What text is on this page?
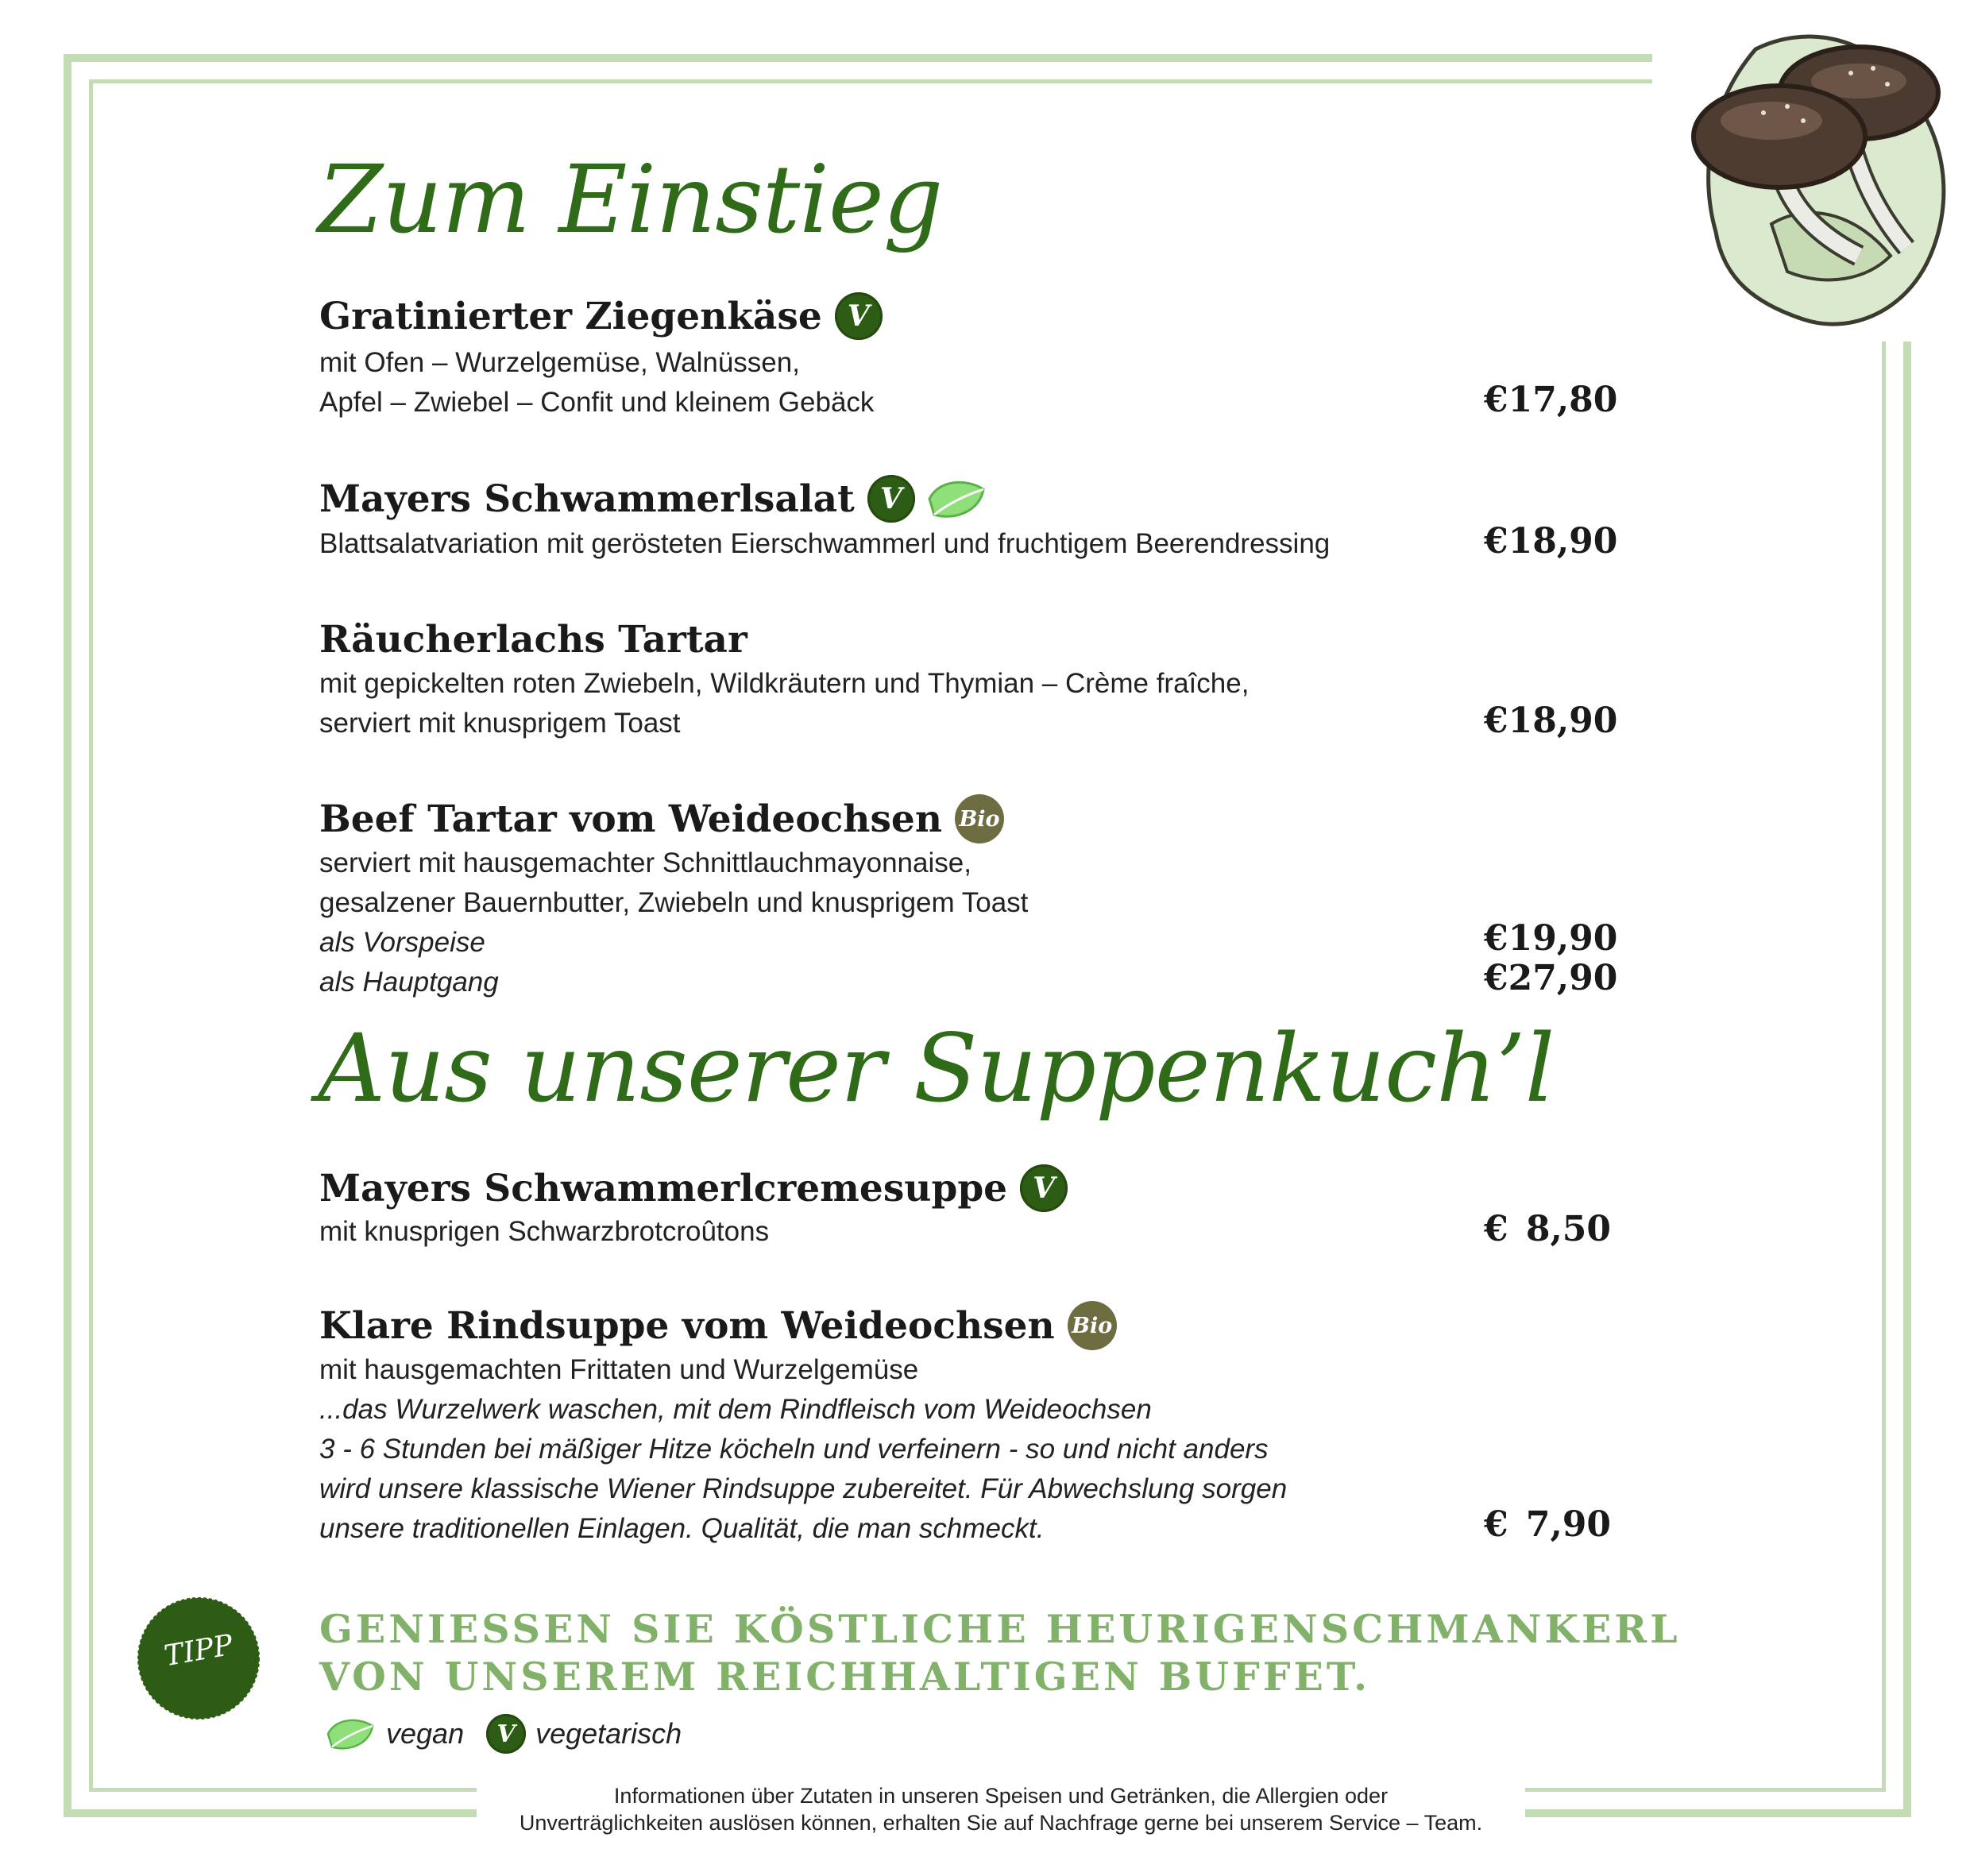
Zum Einstieg
Gratinierter Ziegenkäse V

mit Ofen – Wurzelgemüse, Walnüssen,

Apfel – Zwiebel – Confit und kleinem Gebäck	€ 17,80
Mayers Schwammerlsalat V

Blattsalatvariation mit gerösteten Eierschwammerl und fruchtigem Beerendressing	€ 18,90
Räucherlachs Tartar

mit gepickelten roten Zwiebeln, Wildkräutern und Thymian – Crème fraîche,

serviert mit knusprigem Toast	€ 18,90
Beef Tartar vom Weideochsen Bio

serviert mit hausgemachter Schnittlauchmayonnaise,

gesalzener Bauernbutter, Zwiebeln und knusprigem Toast

als Vorspeise

als Hauptgang

€ 19,90
€ 27,90
Aus unserer Suppenkuch’l
Mayers Schwammerlcremesuppe V

mit knusprigen Schwarzbrotcroûtons	€ 8,50
Klare Rindsuppe vom Weideochsen Bio

mit hausgemachten Frittaten und Wurzelgemüse

...das Wurzelwerk waschen, mit dem Rindfleisch vom Weideochsen

3 - 6 Stunden bei mäßiger Hitze köcheln und verfeinern - so und nicht anders

wird unsere klassische Wiener Rindsuppe zubereitet. Für Abwechslung sorgen

unsere traditionellen Einlagen. Qualität, die man schmeckt.	€ 7,90
TIPP	GENIESSEN SIE KÖSTLICHE HEURIGENSCHMANKERL

VON UNSEREM REICHHALTIGEN BUFFET.

vegan	V vegetarisch

Informationen über Zutaten in unseren Speisen und Getränken, die Allergien oder

Unverträglichkeiten auslösen können, erhalten Sie auf Nachfrage gerne bei unserem Service – Team.
